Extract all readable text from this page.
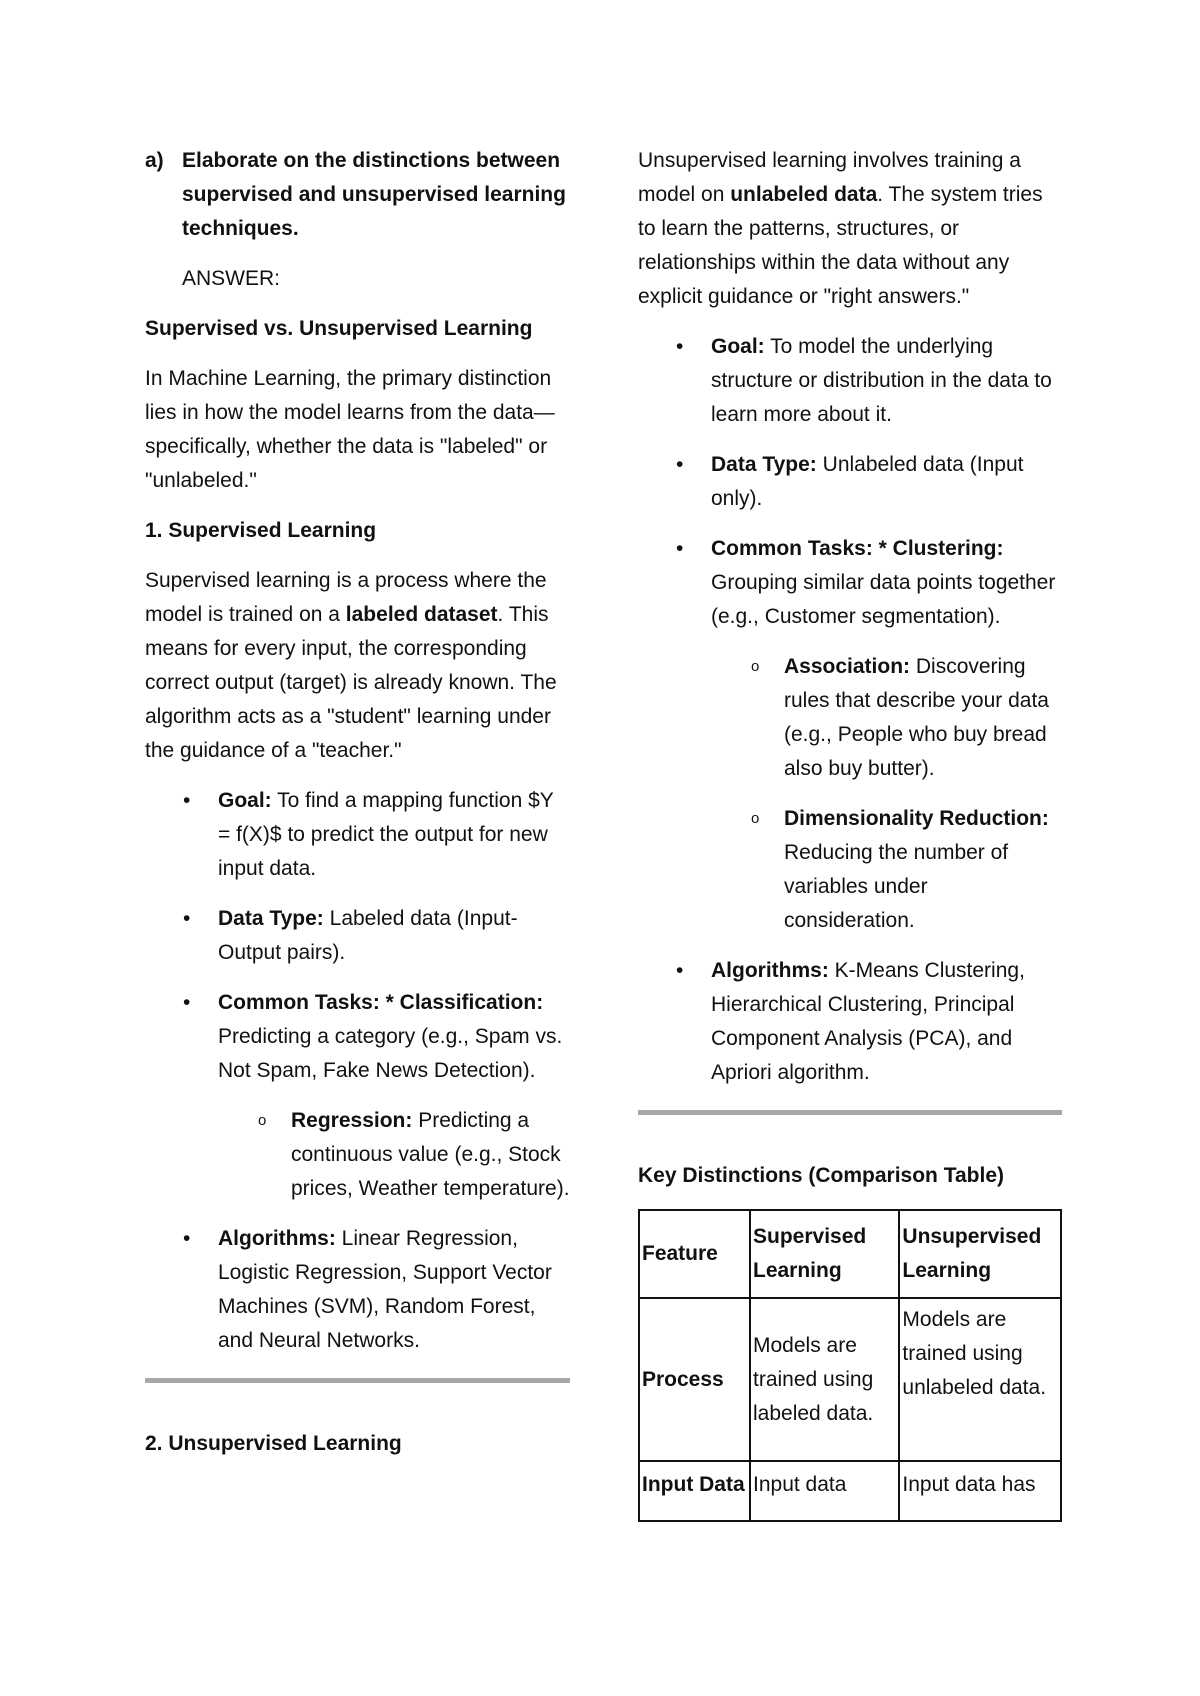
a) Elaborate on the distinctions between supervised and unsupervised learning techniques.

ANSWER:

Supervised vs. Unsupervised Learning

In Machine Learning, the primary distinction lies in how the model learns from the data—specifically, whether the data is "labeled" or "unlabeled."

1. Supervised Learning

Supervised learning is a process where the model is trained on a labeled dataset. This means for every input, the corresponding correct output (target) is already known. The algorithm acts as a "student" learning under the guidance of a "teacher."

•	Goal: To find a mapping function $Y = f(X)$ to predict the output for new input data.
•	Data Type: Labeled data (Input-Output pairs).
•	Common Tasks: * Classification: Predicting a category (e.g., Spam vs. Not Spam, Fake News Detection).
o	Regression: Predicting a continuous value (e.g., Stock prices, Weather temperature).
•	Algorithms: Linear Regression, Logistic Regression, Support Vector Machines (SVM), Random Forest, and Neural Networks.

2. Unsupervised Learning

Unsupervised learning involves training a model on unlabeled data. The system tries to learn the patterns, structures, or relationships within the data without any explicit guidance or "right answers."

•	Goal: To model the underlying structure or distribution in the data to learn more about it.
•	Data Type: Unlabeled data (Input only).
•	Common Tasks: * Clustering: Grouping similar data points together (e.g., Customer segmentation).
o	Association: Discovering rules that describe your data (e.g., People who buy bread also buy butter).
o	Dimensionality Reduction: Reducing the number of variables under consideration.
•	Algorithms: K-Means Clustering, Hierarchical Clustering, Principal Component Analysis (PCA), and Apriori algorithm.

Key Distinctions (Comparison Table)

Feature	Supervised Learning	Unsupervised Learning
Process	Models are trained using labeled data.	Models are trained using unlabeled data.
Input Data	Input data	Input data has
